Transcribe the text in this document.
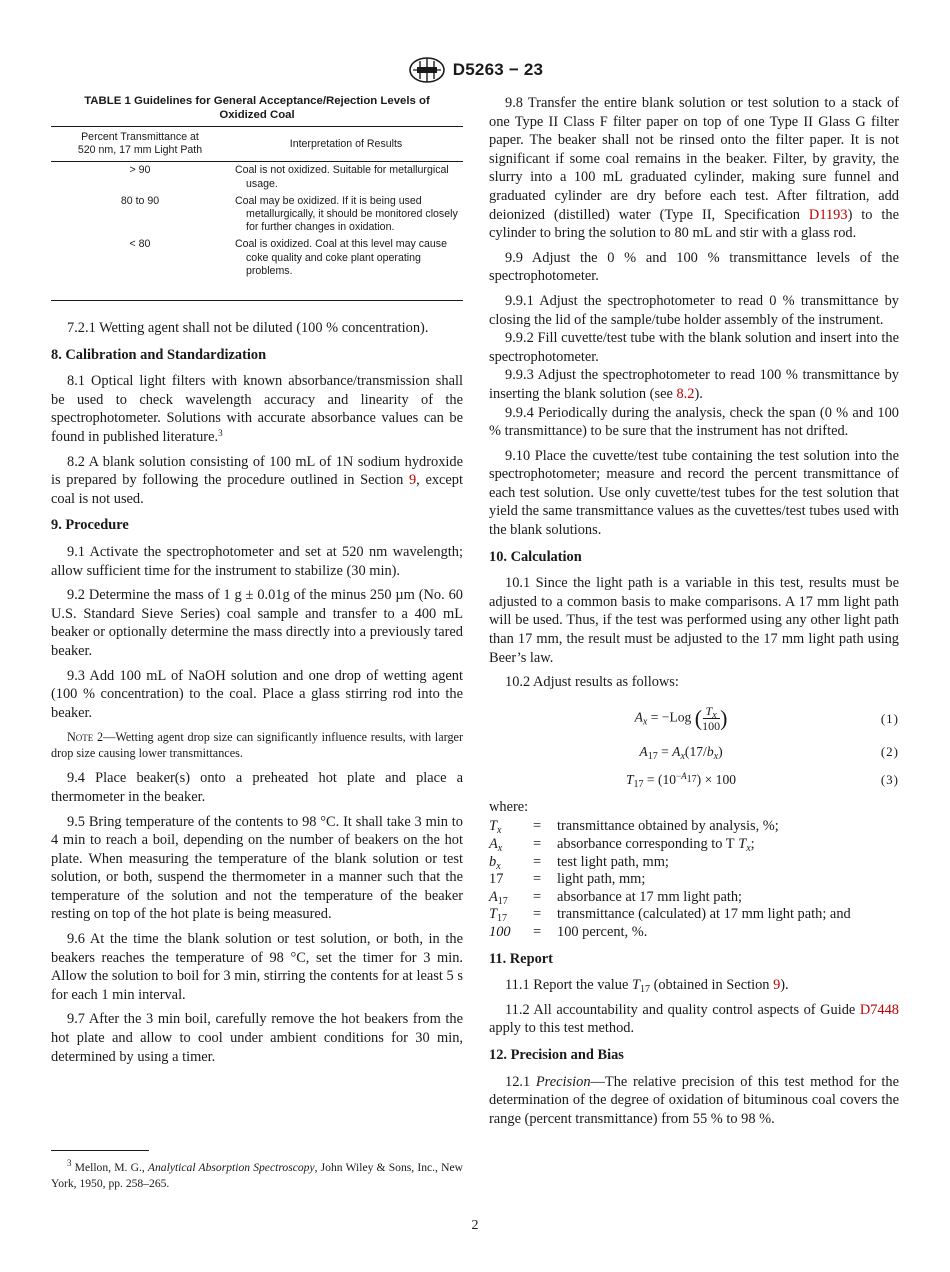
D5263 − 23
TABLE 1 Guidelines for General Acceptance/Rejection Levels of
Oxidized Coal
Percent Transmittance at
520 nm, 17 mm Light Path	Interpretation of Results
> 90	Coal is not oxidized. Suitable for metallurgical usage.

80 to 90	Coal may be oxidized. If it is being used metallurgically, it should be monitored closely for further changes in oxidation.

< 80	Coal is oxidized. Coal at this level may cause coke quality and coke plant operating problems.

7.2.1 Wetting agent shall not be diluted (100 % concentration).

8. Calibration and Standardization

8.1 Optical light filters with known absorbance/transmission shall be used to check wavelength accuracy and linearity of the spectrophotometer. Solutions with accurate absorbance values can be found in published literature.$^3$

8.2 A blank solution consisting of 100 mL of 1N sodium hydroxide is prepared by following the procedure outlined in Section 9, except coal is not used.

9. Procedure

9.1 Activate the spectrophotometer and set at 520 nm wavelength; allow sufficient time for the instrument to stabilize (30 min).

9.2 Determine the mass of 1 g ± 0.01g of the minus 250 µm (No. 60 U.S. Standard Sieve Series) coal sample and transfer to a 400 mL beaker or optionally determine the mass directly into a previously tared beaker.

9.3 Add 100 mL of NaOH solution and one drop of wetting agent (100 % concentration) to the coal. Place a glass stirring rod into the beaker.

Note 2—Wetting agent drop size can significantly influence results, with larger drop size causing lower transmittances.

9.4 Place beaker(s) onto a preheated hot plate and place a thermometer in the beaker.

9.5 Bring temperature of the contents to 98 °C. It shall take 3 min to 4 min to reach a boil, depending on the number of beakers on the hot plate. When measuring the temperature of the blank solution or test solution, or both, suspend the thermometer in a manner such that the temperature of the solution and not the temperature of the beaker resting on top of the hot plate is being measured.

9.6 At the time the blank solution or test solution, or both, in the beakers reaches the temperature of 98 °C, set the timer for 3 min. Allow the solution to boil for 3 min, stirring the contents for at least 5 s for each 1 min interval.

9.7 After the 3 min boil, carefully remove the hot beakers from the hot plate and allow to cool under ambient conditions for 30 min, determined by using a timer.

$^3$ Mellon, M. G., Analytical Absorption Spectroscopy, John Wiley & Sons, Inc., New York, 1950, pp. 258–265.

9.8 Transfer the entire blank solution or test solution to a stack of one Type II Class F filter paper on top of one Type II Glass G filter paper. The beaker shall not be rinsed onto the filter paper. It is not significant if some coal remains in the beaker. Filter, by gravity, the slurry into a 100 mL graduated cylinder, making sure funnel and graduated cylinder are dry before each test. After filtration, add deionized (distilled) water (Type II, Specification D1193) to the cylinder to bring the solution to 80 mL and stir with a glass rod.

9.9 Adjust the 0 % and 100 % transmittance levels of the spectrophotometer.

9.9.1 Adjust the spectrophotometer to read 0 % transmittance by closing the lid of the sample/tube holder assembly of the instrument.

9.9.2 Fill cuvette/test tube with the blank solution and insert into the spectrophotometer.

9.9.3 Adjust the spectrophotometer to read 100 % transmittance by inserting the blank solution (see 8.2).

9.9.4 Periodically during the analysis, check the span (0 % and 100 % transmittance) to be sure that the instrument has not drifted.

9.10 Place the cuvette/test tube containing the test solution into the spectrophotometer; measure and record the percent transmittance of each test solution. Use only cuvette/test tubes for the test solution that yield the same transmittance values as the cuvettes/test tubes used with the blank solutions.

10. Calculation

10.1 Since the light path is a variable in this test, results must be adjusted to a common basis to make comparisons. A 17 mm light path will be used. Thus, if the test was performed using any other light path than 17 mm, the result must be adjusted to the 17 mm light path using Beer’s law.

10.2 Adjust results as follows:

$A_x = -Log$ ( $\frac{T_x}{100}$ )	(1)
$A_{17} = A_x(17/b_x)$	(2)
$T_{17} = (10^{-A_{17}}) \times 100$	(3)

where:

$T_x$	=	transmittance obtained by analysis, %;
$A_x$	=	absorbance corresponding to T $T_x$;
$b_x$	=	test light path, mm;
17	=	light path, mm;
$A_{17}$	=	absorbance at 17 mm light path;
$T_{17}$	=	transmittance (calculated) at 17 mm light path; and
100	=	100 percent, %.

11. Report

11.1 Report the value $T_{17}$ (obtained in Section 9).

11.2 All accountability and quality control aspects of Guide D7448 apply to this test method.

12. Precision and Bias

12.1 Precision—The relative precision of this test method for the determination of the degree of oxidation of bituminous coal covers the range (percent transmittance) from 55 % to 98 %.

2
